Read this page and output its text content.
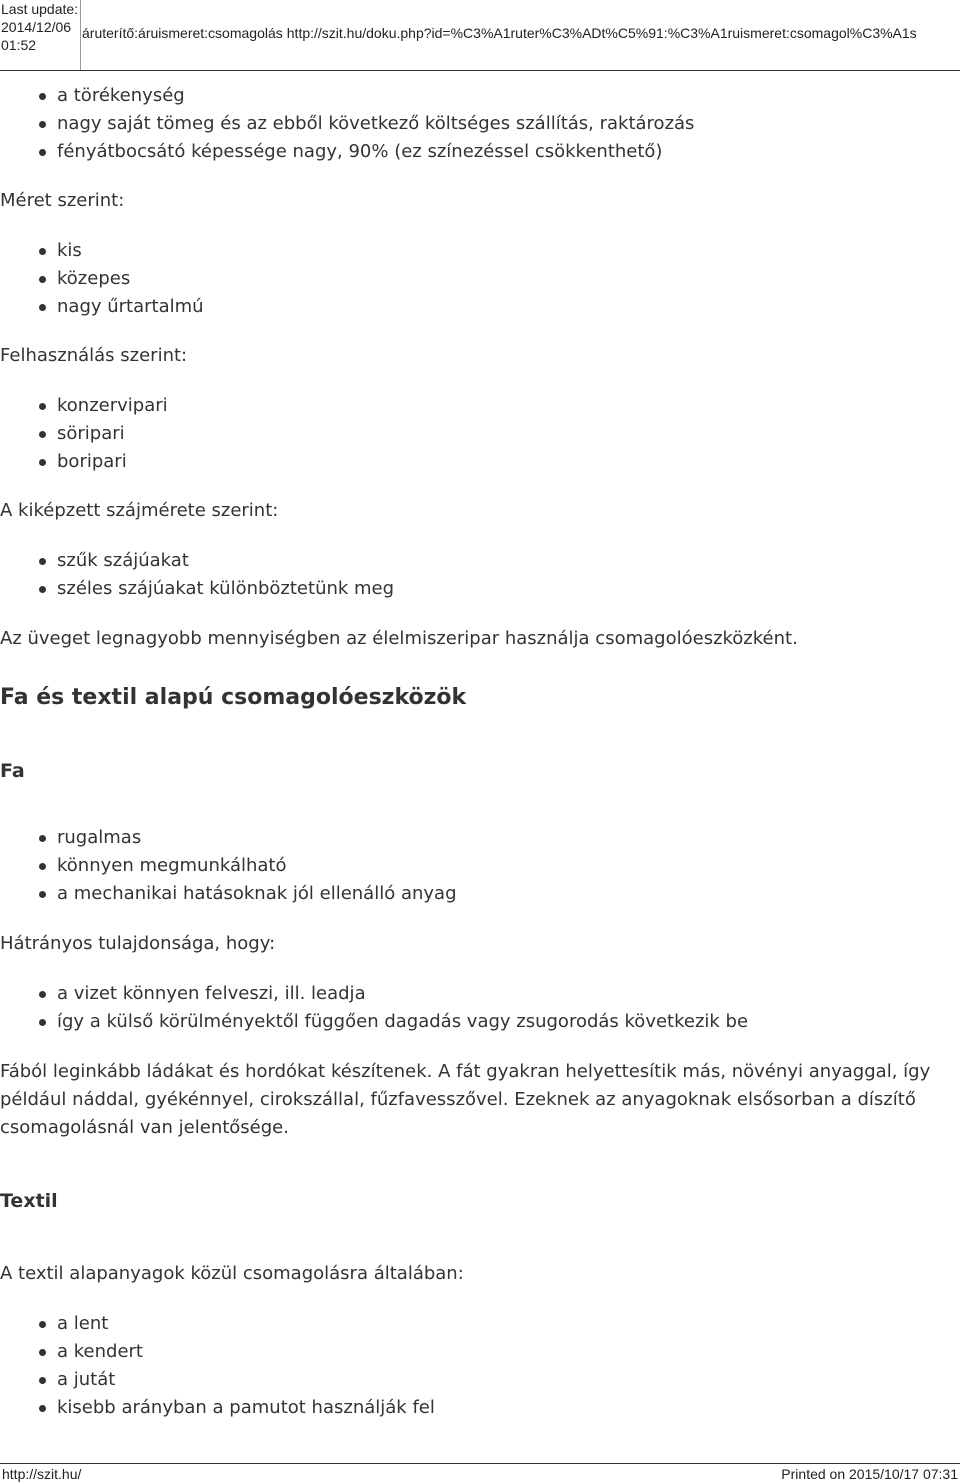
Last update:
2014/12/06 01:52
áruterítő:áruismeret:csomagolás http://szit.hu/doku.php?id=%C3%A1ruter%C3%ADt%C5%91:%C3%A1ruismeret:csomagol%C3%A1s
a törékenység
nagy saját tömeg és az ebből következő költséges szállítás, raktározás
fényátbocsátó képessége nagy, 90% (ez színezéssel csökkenthető)

Méret szerint:

kis
közepes
nagy űrtartalmú

Felhasználás szerint:

konzervipari
söripari
boripari

A kiképzett szájmérete szerint:

szűk szájúakat
széles szájúakat különböztetünk meg

Az üveget legnagyobb mennyiségben az élelmiszeripar használja csomagolóeszközként.

Fa és textil alapú csomagolóeszközök
Fa
rugalmas
könnyen megmunkálható
a mechanikai hatásoknak jól ellenálló anyag

Hátrányos tulajdonsága, hogy:

a vizet könnyen felveszi, ill. leadja
így a külső körülményektől függően dagadás vagy zsugorodás következik be

Fából leginkább ládákat és hordókat készítenek. A fát gyakran helyettesítik más, növényi anyaggal, így például náddal, gyékénnyel, cirokszállal, fűzfavesszővel. Ezeknek az anyagoknak elsősorban a díszítő csomagolásnál van jelentősége.

Textil

A textil alapanyagok közül csomagolásra általában:

a lent
a kendert
a jutát
kisebb arányban a pamutot használják fel
http://szit.hu/	Printed on 2015/10/17 07:31
